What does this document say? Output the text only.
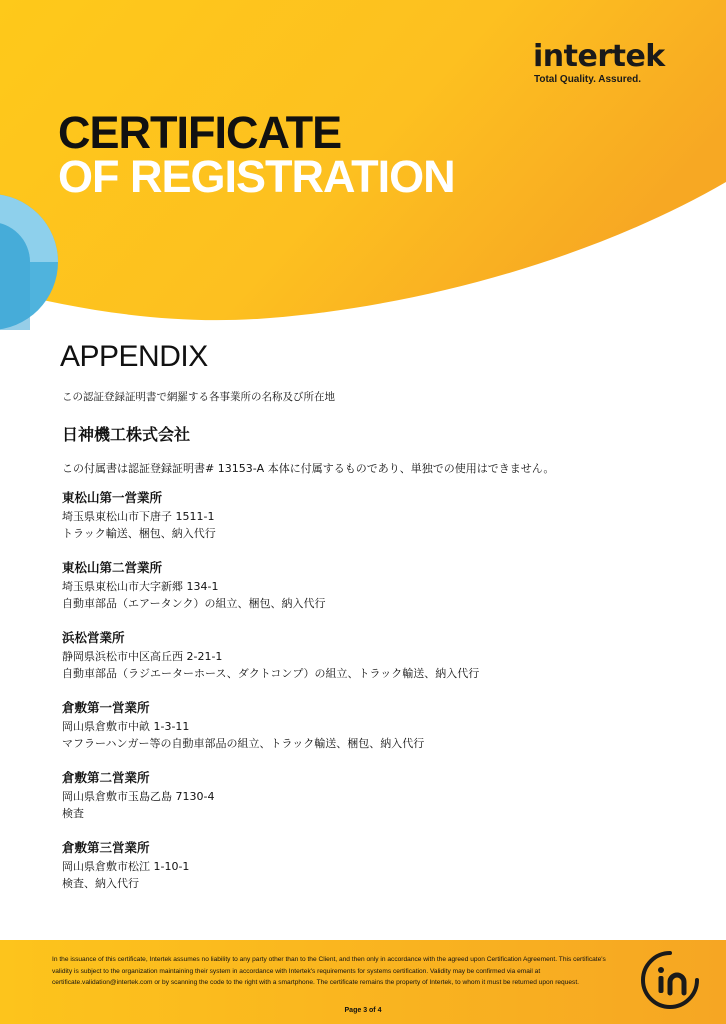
intertek
Total Quality. Assured.
CERTIFICATE
OF REGISTRATION
APPENDIX
この認証登録証明書で網羅する各事業所の名称及び所在地
日神機工株式会社
この付属書は認証登録証明書# 13153-A 本体に付属するものであり、単独での使用はできません。
東松山第一営業所
埼玉県東松山市下唐子 1511-1
トラック輸送、梱包、納入代行
東松山第二営業所
埼玉県東松山市大字新郷 134-1
自動車部品（エアータンク）の組立、梱包、納入代行
浜松営業所
静岡県浜松市中区高丘西 2-21-1
自動車部品（ラジエーターホース、ダクトコンプ）の組立、トラック輸送、納入代行
倉敷第一営業所
岡山県倉敷市中畝 1-3-11
マフラーハンガー等の自動車部品の組立、トラック輸送、梱包、納入代行
倉敷第二営業所
岡山県倉敷市玉島乙島 7130-4
検査
倉敷第三営業所
岡山県倉敷市松江 1-10-1
検査、納入代行
In the issuance of this certificate, Intertek assumes no liability to any party other than to the Client, and then only in accordance with the agreed upon Certification Agreement. This certificate's validity is subject to the organization maintaining their system in accordance with Intertek's requirements for systems certification. Validity may be confirmed via email at certificate.validation@intertek.com or by scanning the code to the right with a smartphone. The certificate remains the property of Intertek, to whom it must be returned upon request.
Page 3 of 4
